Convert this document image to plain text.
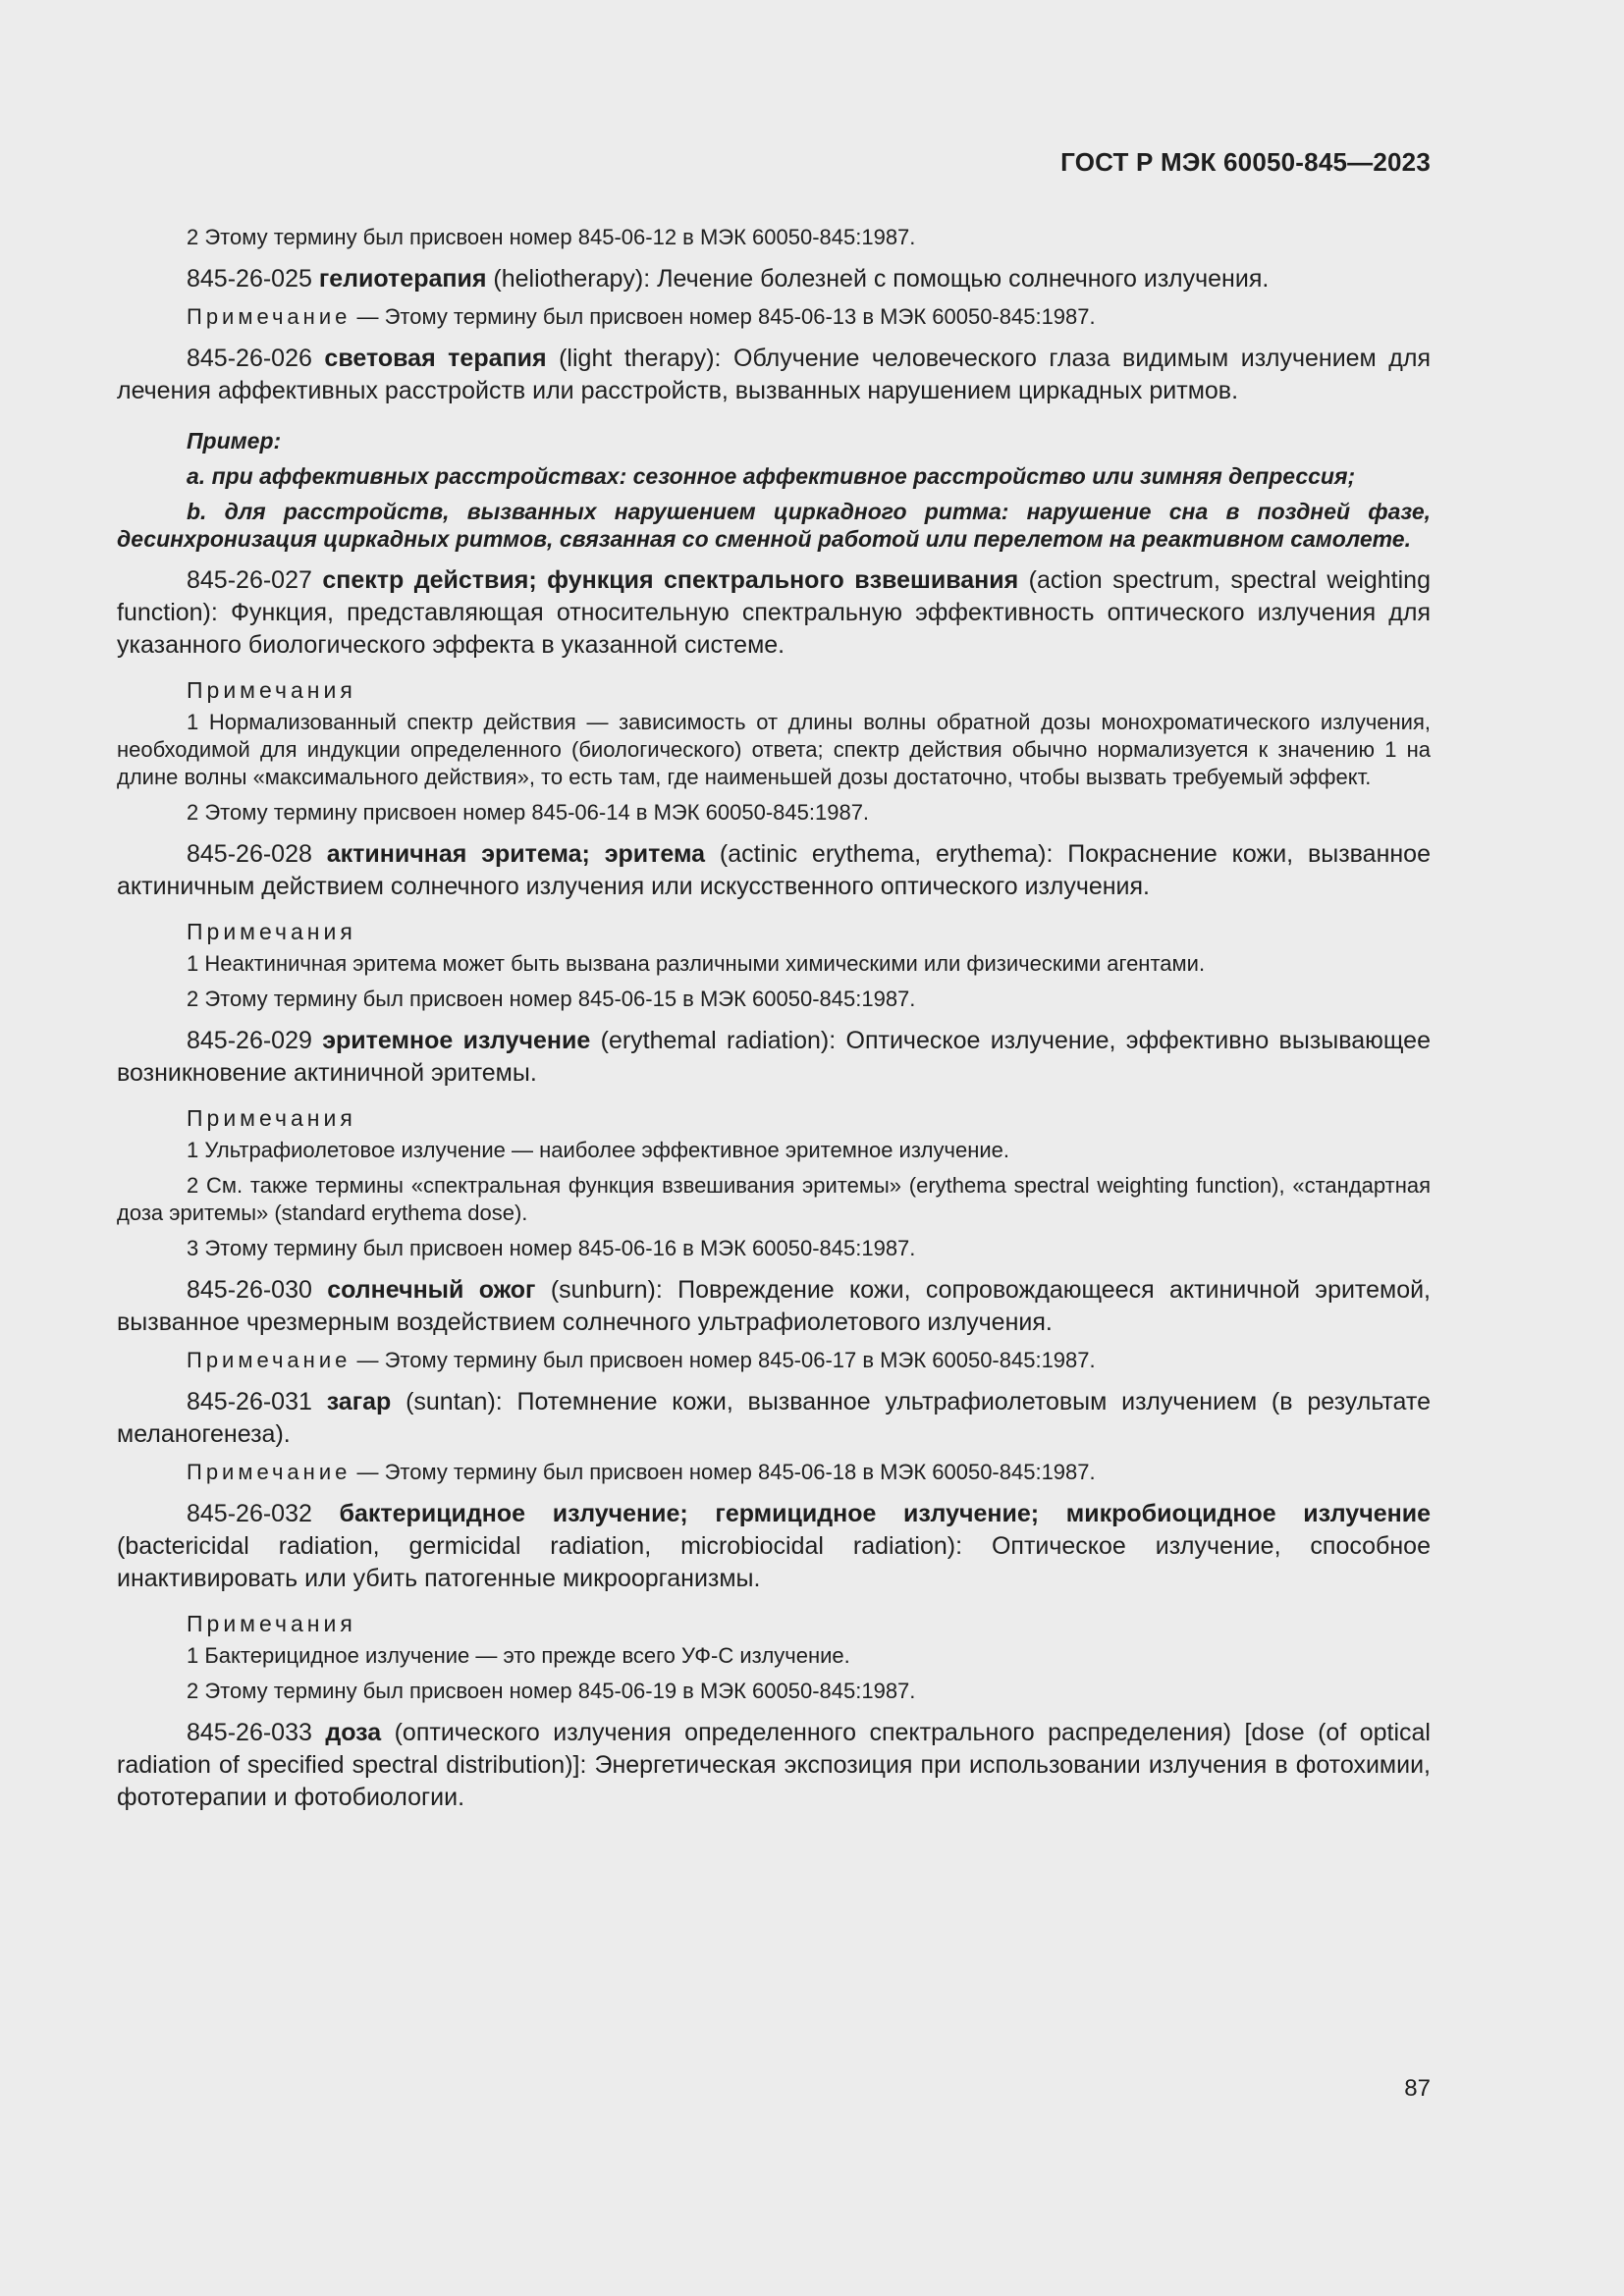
ГОСТ Р МЭК 60050-845—2023

2 Этому термину был присвоен номер 845-06-12 в МЭК 60050-845:1987.

845-26-025 гелиотерапия (heliotherapy): Лечение болезней с помощью солнечного излучения.

Примечание — Этому термину был присвоен номер 845-06-13 в МЭК 60050-845:1987.

845-26-026 световая терапия (light therapy): Облучение человеческого глаза видимым излучением для лечения аффективных расстройств или расстройств, вызванных нарушением циркадных ритмов.

Пример:

а. при аффективных расстройствах: сезонное аффективное расстройство или зимняя депрессия;

b. для расстройств, вызванных нарушением циркадного ритма: нарушение сна в поздней фазе, десинхронизация циркадных ритмов, связанная со сменной работой или перелетом на реактивном самолете.

845-26-027 спектр действия; функция спектрального взвешивания (action spectrum, spectral weighting function): Функция, представляющая относительную спектральную эффективность оптического излучения для указанного биологического эффекта в указанной системе.

Примечания

1 Нормализованный спектр действия — зависимость от длины волны обратной дозы монохроматического излучения, необходимой для индукции определенного (биологического) ответа; спектр действия обычно нормализуется к значению 1 на длине волны «максимального действия», то есть там, где наименьшей дозы достаточно, чтобы вызвать требуемый эффект.

2 Этому термину присвоен номер 845-06-14 в МЭК 60050-845:1987.

845-26-028 актиничная эритема; эритема (actinic erythema, erythema): Покраснение кожи, вызванное актиничным действием солнечного излучения или искусственного оптического излучения.

Примечания

1 Неактиничная эритема может быть вызвана различными химическими или физическими агентами.

2 Этому термину был присвоен номер 845-06-15 в МЭК 60050-845:1987.

845-26-029 эритемное излучение (erythemal radiation): Оптическое излучение, эффективно вызывающее возникновение актиничной эритемы.

Примечания

1 Ультрафиолетовое излучение — наиболее эффективное эритемное излучение.

2 См. также термины «спектральная функция взвешивания эритемы» (erythema spectral weighting function), «стандартная доза эритемы» (standard erythema dose).

3 Этому термину был присвоен номер 845-06-16 в МЭК 60050-845:1987.

845-26-030 солнечный ожог (sunburn): Повреждение кожи, сопровождающееся актиничной эритемой, вызванное чрезмерным воздействием солнечного ультрафиолетового излучения.

Примечание — Этому термину был присвоен номер 845-06-17 в МЭК 60050-845:1987.

845-26-031 загар (suntan): Потемнение кожи, вызванное ультрафиолетовым излучением (в результате меланогенеза).

Примечание — Этому термину был присвоен номер 845-06-18 в МЭК 60050-845:1987.

845-26-032 бактерицидное излучение; гермицидное излучение; микробиоцидное излучение (bactericidal radiation, germicidal radiation, microbiocidal radiation): Оптическое излучение, способное инактивировать или убить патогенные микроорганизмы.

Примечания

1 Бактерицидное излучение — это прежде всего УФ-С излучение.

2 Этому термину был присвоен номер 845-06-19 в МЭК 60050-845:1987.

845-26-033 доза (оптического излучения определенного спектрального распределения) [dose (of optical radiation of specified spectral distribution)]: Энергетическая экспозиция при использовании излучения в фотохимии, фототерапии и фотобиологии.

87
